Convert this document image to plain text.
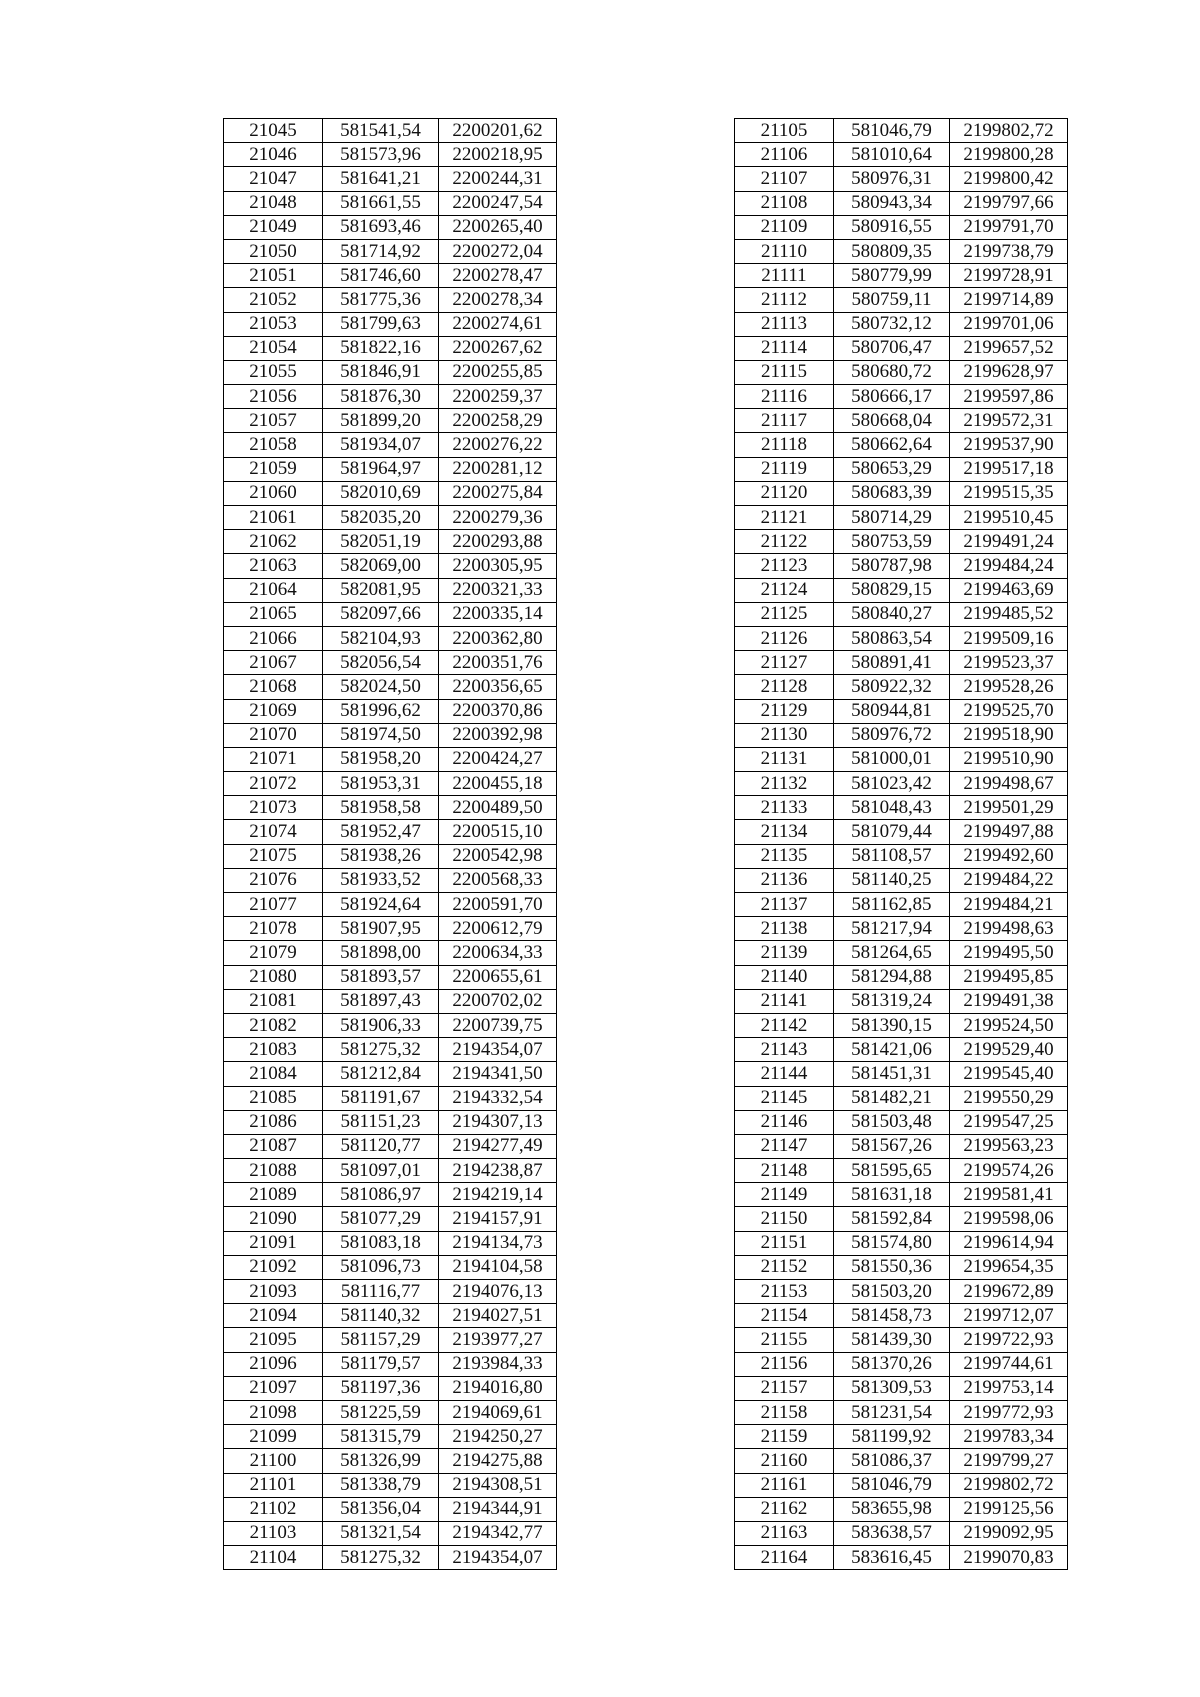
21045	581541,54	2200201,62
21046	581573,96	2200218,95
21047	581641,21	2200244,31
21048	581661,55	2200247,54
21049	581693,46	2200265,40
21050	581714,92	2200272,04
21051	581746,60	2200278,47
21052	581775,36	2200278,34
21053	581799,63	2200274,61
21054	581822,16	2200267,62
21055	581846,91	2200255,85
21056	581876,30	2200259,37
21057	581899,20	2200258,29
21058	581934,07	2200276,22
21059	581964,97	2200281,12
21060	582010,69	2200275,84
21061	582035,20	2200279,36
21062	582051,19	2200293,88
21063	582069,00	2200305,95
21064	582081,95	2200321,33
21065	582097,66	2200335,14
21066	582104,93	2200362,80
21067	582056,54	2200351,76
21068	582024,50	2200356,65
21069	581996,62	2200370,86
21070	581974,50	2200392,98
21071	581958,20	2200424,27
21072	581953,31	2200455,18
21073	581958,58	2200489,50
21074	581952,47	2200515,10
21075	581938,26	2200542,98
21076	581933,52	2200568,33
21077	581924,64	2200591,70
21078	581907,95	2200612,79
21079	581898,00	2200634,33
21080	581893,57	2200655,61
21081	581897,43	2200702,02
21082	581906,33	2200739,75
21083	581275,32	2194354,07
21084	581212,84	2194341,50
21085	581191,67	2194332,54
21086	581151,23	2194307,13
21087	581120,77	2194277,49
21088	581097,01	2194238,87
21089	581086,97	2194219,14
21090	581077,29	2194157,91
21091	581083,18	2194134,73
21092	581096,73	2194104,58
21093	581116,77	2194076,13
21094	581140,32	2194027,51
21095	581157,29	2193977,27
21096	581179,57	2193984,33
21097	581197,36	2194016,80
21098	581225,59	2194069,61
21099	581315,79	2194250,27
21100	581326,99	2194275,88
21101	581338,79	2194308,51
21102	581356,04	2194344,91
21103	581321,54	2194342,77
21104	581275,32	2194354,07
21105	581046,79	2199802,72
21106	581010,64	2199800,28
21107	580976,31	2199800,42
21108	580943,34	2199797,66
21109	580916,55	2199791,70
21110	580809,35	2199738,79
21111	580779,99	2199728,91
21112	580759,11	2199714,89
21113	580732,12	2199701,06
21114	580706,47	2199657,52
21115	580680,72	2199628,97
21116	580666,17	2199597,86
21117	580668,04	2199572,31
21118	580662,64	2199537,90
21119	580653,29	2199517,18
21120	580683,39	2199515,35
21121	580714,29	2199510,45
21122	580753,59	2199491,24
21123	580787,98	2199484,24
21124	580829,15	2199463,69
21125	580840,27	2199485,52
21126	580863,54	2199509,16
21127	580891,41	2199523,37
21128	580922,32	2199528,26
21129	580944,81	2199525,70
21130	580976,72	2199518,90
21131	581000,01	2199510,90
21132	581023,42	2199498,67
21133	581048,43	2199501,29
21134	581079,44	2199497,88
21135	581108,57	2199492,60
21136	581140,25	2199484,22
21137	581162,85	2199484,21
21138	581217,94	2199498,63
21139	581264,65	2199495,50
21140	581294,88	2199495,85
21141	581319,24	2199491,38
21142	581390,15	2199524,50
21143	581421,06	2199529,40
21144	581451,31	2199545,40
21145	581482,21	2199550,29
21146	581503,48	2199547,25
21147	581567,26	2199563,23
21148	581595,65	2199574,26
21149	581631,18	2199581,41
21150	581592,84	2199598,06
21151	581574,80	2199614,94
21152	581550,36	2199654,35
21153	581503,20	2199672,89
21154	581458,73	2199712,07
21155	581439,30	2199722,93
21156	581370,26	2199744,61
21157	581309,53	2199753,14
21158	581231,54	2199772,93
21159	581199,92	2199783,34
21160	581086,37	2199799,27
21161	581046,79	2199802,72
21162	583655,98	2199125,56
21163	583638,57	2199092,95
21164	583616,45	2199070,83
